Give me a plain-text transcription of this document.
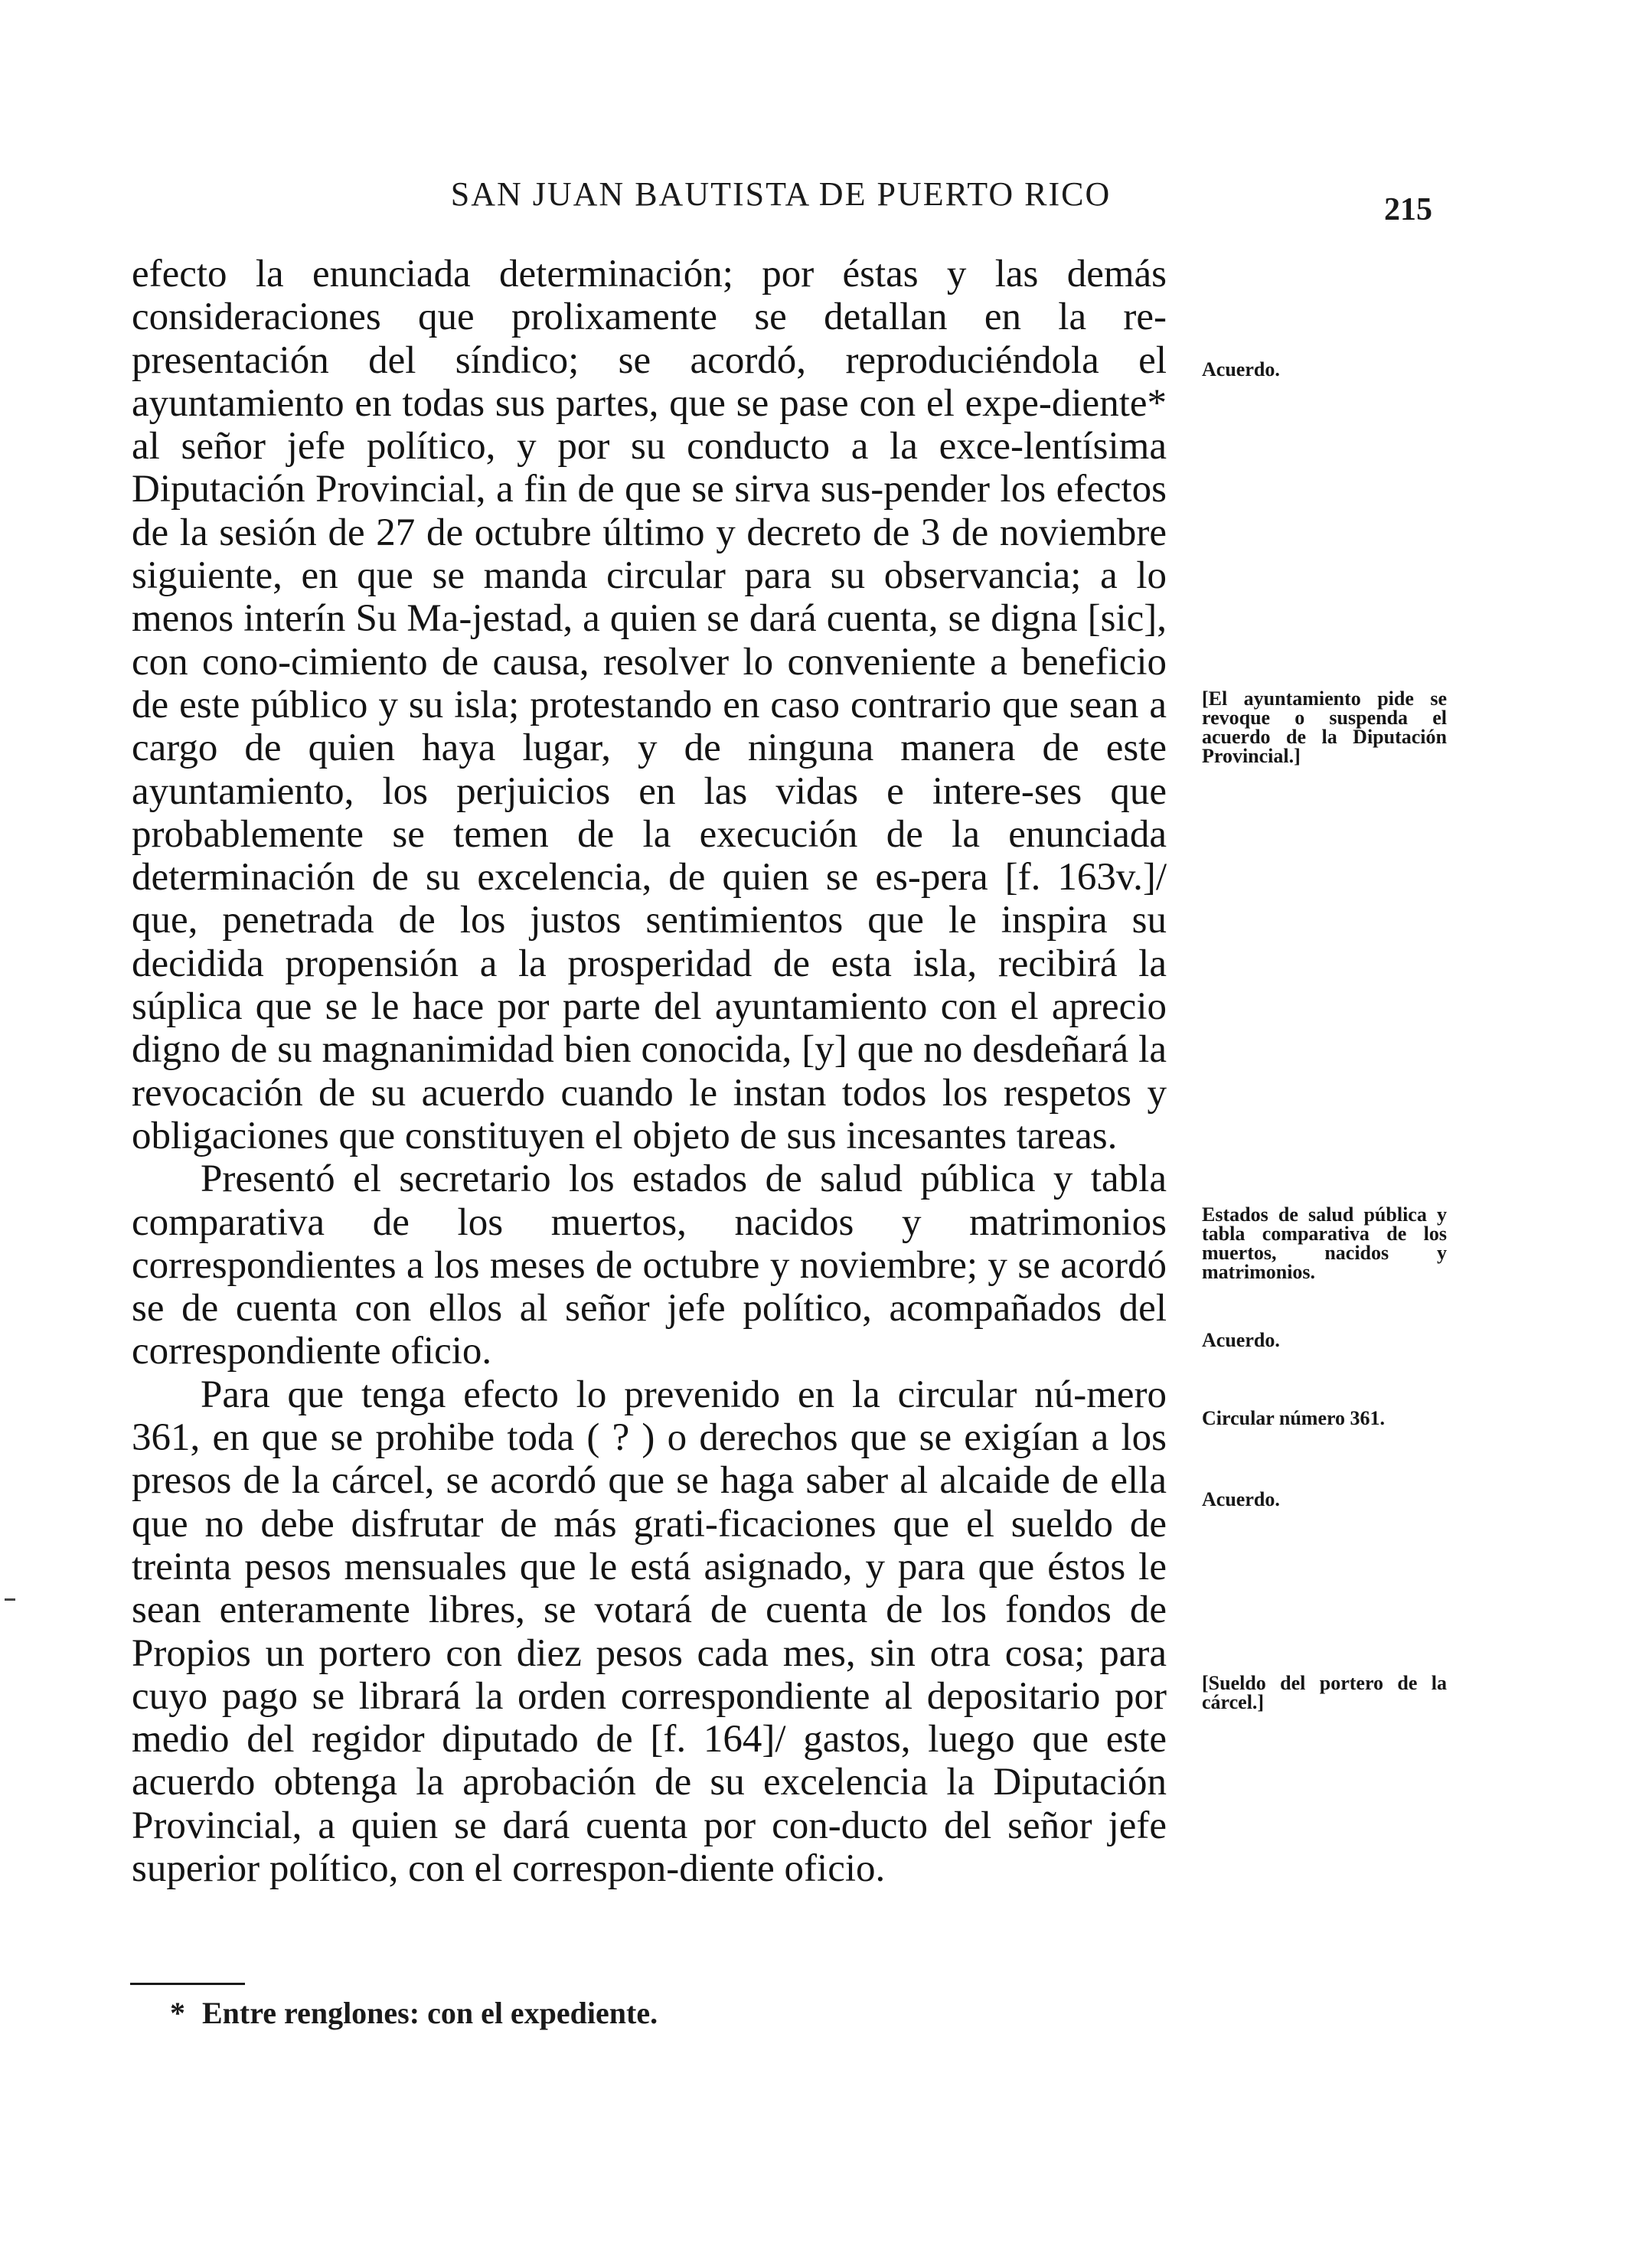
SAN JUAN BAUTISTA DE PUERTO RICO	215

efecto la enunciada determinación; por éstas y las demás consideraciones que prolixamente se detallan en la re-presentación del síndico; se acordó, reproduciéndola el ayuntamiento en todas sus partes, que se pase con el expe-diente* al señor jefe político, y por su conducto a la exce-lentísima Diputación Provincial, a fin de que se sirva sus-pender los efectos de la sesión de 27 de octubre último y decreto de 3 de noviembre siguiente, en que se manda circular para su observancia; a lo menos interín Su Ma-jestad, a quien se dará cuenta, se digna [sic], con cono-cimiento de causa, resolver lo conveniente a beneficio de este público y su isla; protestando en caso contrario que sean a cargo de quien haya lugar, y de ninguna manera de este ayuntamiento, los perjuicios en las vidas e intere-ses que probablemente se temen de la execución de la enunciada determinación de su excelencia, de quien se es-pera [f. 163v.]/ que, penetrada de los justos sentimientos que le inspira su decidida propensión a la prosperidad de esta isla, recibirá la súplica que se le hace por parte del ayuntamiento con el aprecio digno de su magnanimidad bien conocida, [y] que no desdeñará la revocación de su acuerdo cuando le instan todos los respetos y obligaciones que constituyen el objeto de sus incesantes tareas.

Presentó el secretario los estados de salud pública y tabla comparativa de los muertos, nacidos y matrimonios correspondientes a los meses de octubre y noviembre; y se acordó se de cuenta con ellos al señor jefe político, acompañados del correspondiente oficio.

Para que tenga efecto lo prevenido en la circular nú-mero 361, en que se prohibe toda ( ? ) o derechos que se exigían a los presos de la cárcel, se acordó que se haga saber al alcaide de ella que no debe disfrutar de más grati-ficaciones que el sueldo de treinta pesos mensuales que le está asignado, y para que éstos le sean enteramente libres, se votará de cuenta de los fondos de Propios un portero con diez pesos cada mes, sin otra cosa; para cuyo pago se librará la orden correspondiente al depositario por medio del regidor diputado de [f. 164]/ gastos, luego que este acuerdo obtenga la aprobación de su excelencia la Diputación Provincial, a quien se dará cuenta por con-ducto del señor jefe superior político, con el correspon-diente oficio.

Acuerdo.
[El ayuntamiento pide se revoque o suspenda el acuerdo de la Diputación Provincial.]
Estados de salud pública y tabla comparativa de los muertos, nacidos y matrimonios.
Acuerdo.
Circular número 361.
Acuerdo.
[Sueldo del portero de la cárcel.]
* Entre renglones: con el expediente.
